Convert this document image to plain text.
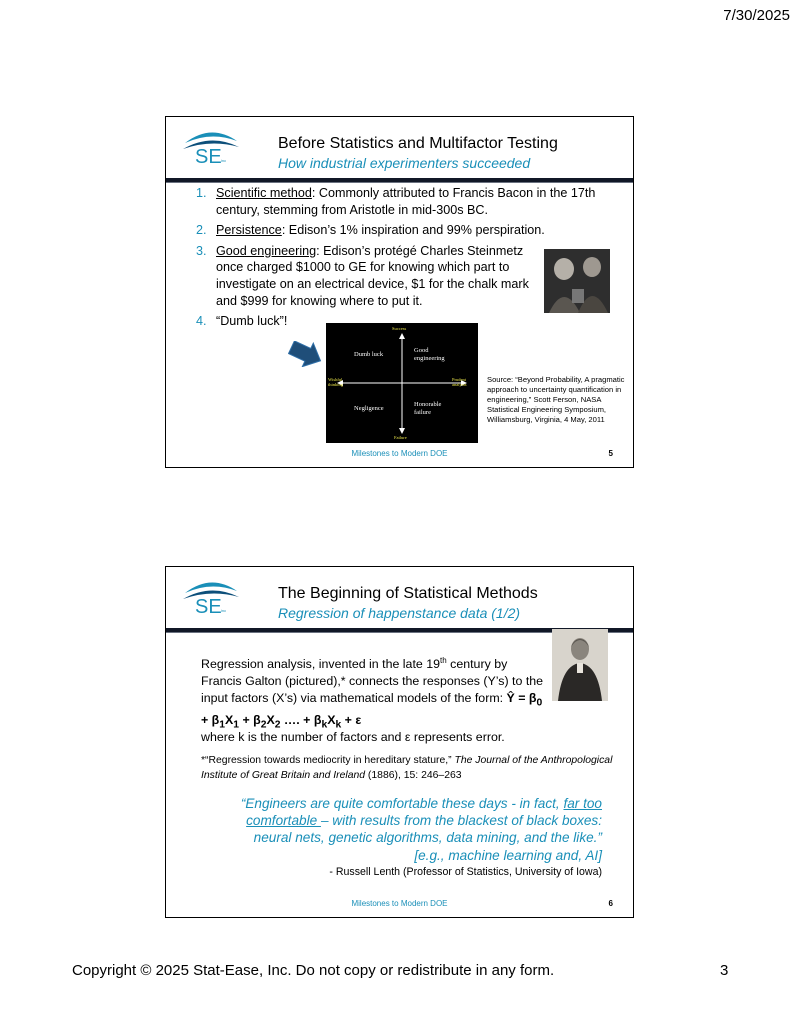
7/30/2025
SE inc
Before Statistics and Multifactor Testing
How industrial experimenters succeeded
1. Scientific method: Commonly attributed to Francis Bacon in the 17th century, stemming from Aristotle in mid-300s BC.
2. Persistence: Edison’s 1% inspiration and 99% perspiration.
3. Good engineering: Edison’s protégé Charles Steinmetz once charged $1000 to GE for knowing which part to investigate on an electrical device, $1 for the chalk mark and $999 for knowing where to put it.
4. “Dumb luck”!
Success
Failure
Wishful thinking
Prudent analysis
Dumb luck
Good engineering
Negligence
Honorable failure
Source: “Beyond Probability, A pragmatic approach to uncertainty quantification in engineering,” Scott Ferson, NASA Statistical Engineering Symposium, Williamsburg, Virginia, 4 May, 2011
Milestones to Modern DOE	5
SE inc
The Beginning of Statistical Methods
Regression of happenstance data (1/2)
Regression analysis, invented in the late 19th century by Francis Galton (pictured),* connects the responses (Y’s) to the input factors (X’s) via mathematical models of the form: Ŷ = $\beta_0 + \beta_1X_1 + \beta_2X_2$ …. + $\beta_kX_k + \varepsilon$
where k is the number of factors and ε represents error.
*“Regression towards mediocrity in hereditary stature,” The Journal of the Anthropological Institute of Great Britain and Ireland (1886), 15: 246–263
“Engineers are quite comfortable these days - in fact, far too comfortable – with results from the blackest of black boxes: neural nets, genetic algorithms, data mining, and the like.”
[e.g., machine learning and, AI]
- Russell Lenth (Professor of Statistics, University of Iowa)
Milestones to Modern DOE	6
Copyright © 2025 Stat-Ease, Inc. Do not copy or redistribute in any form.	3
